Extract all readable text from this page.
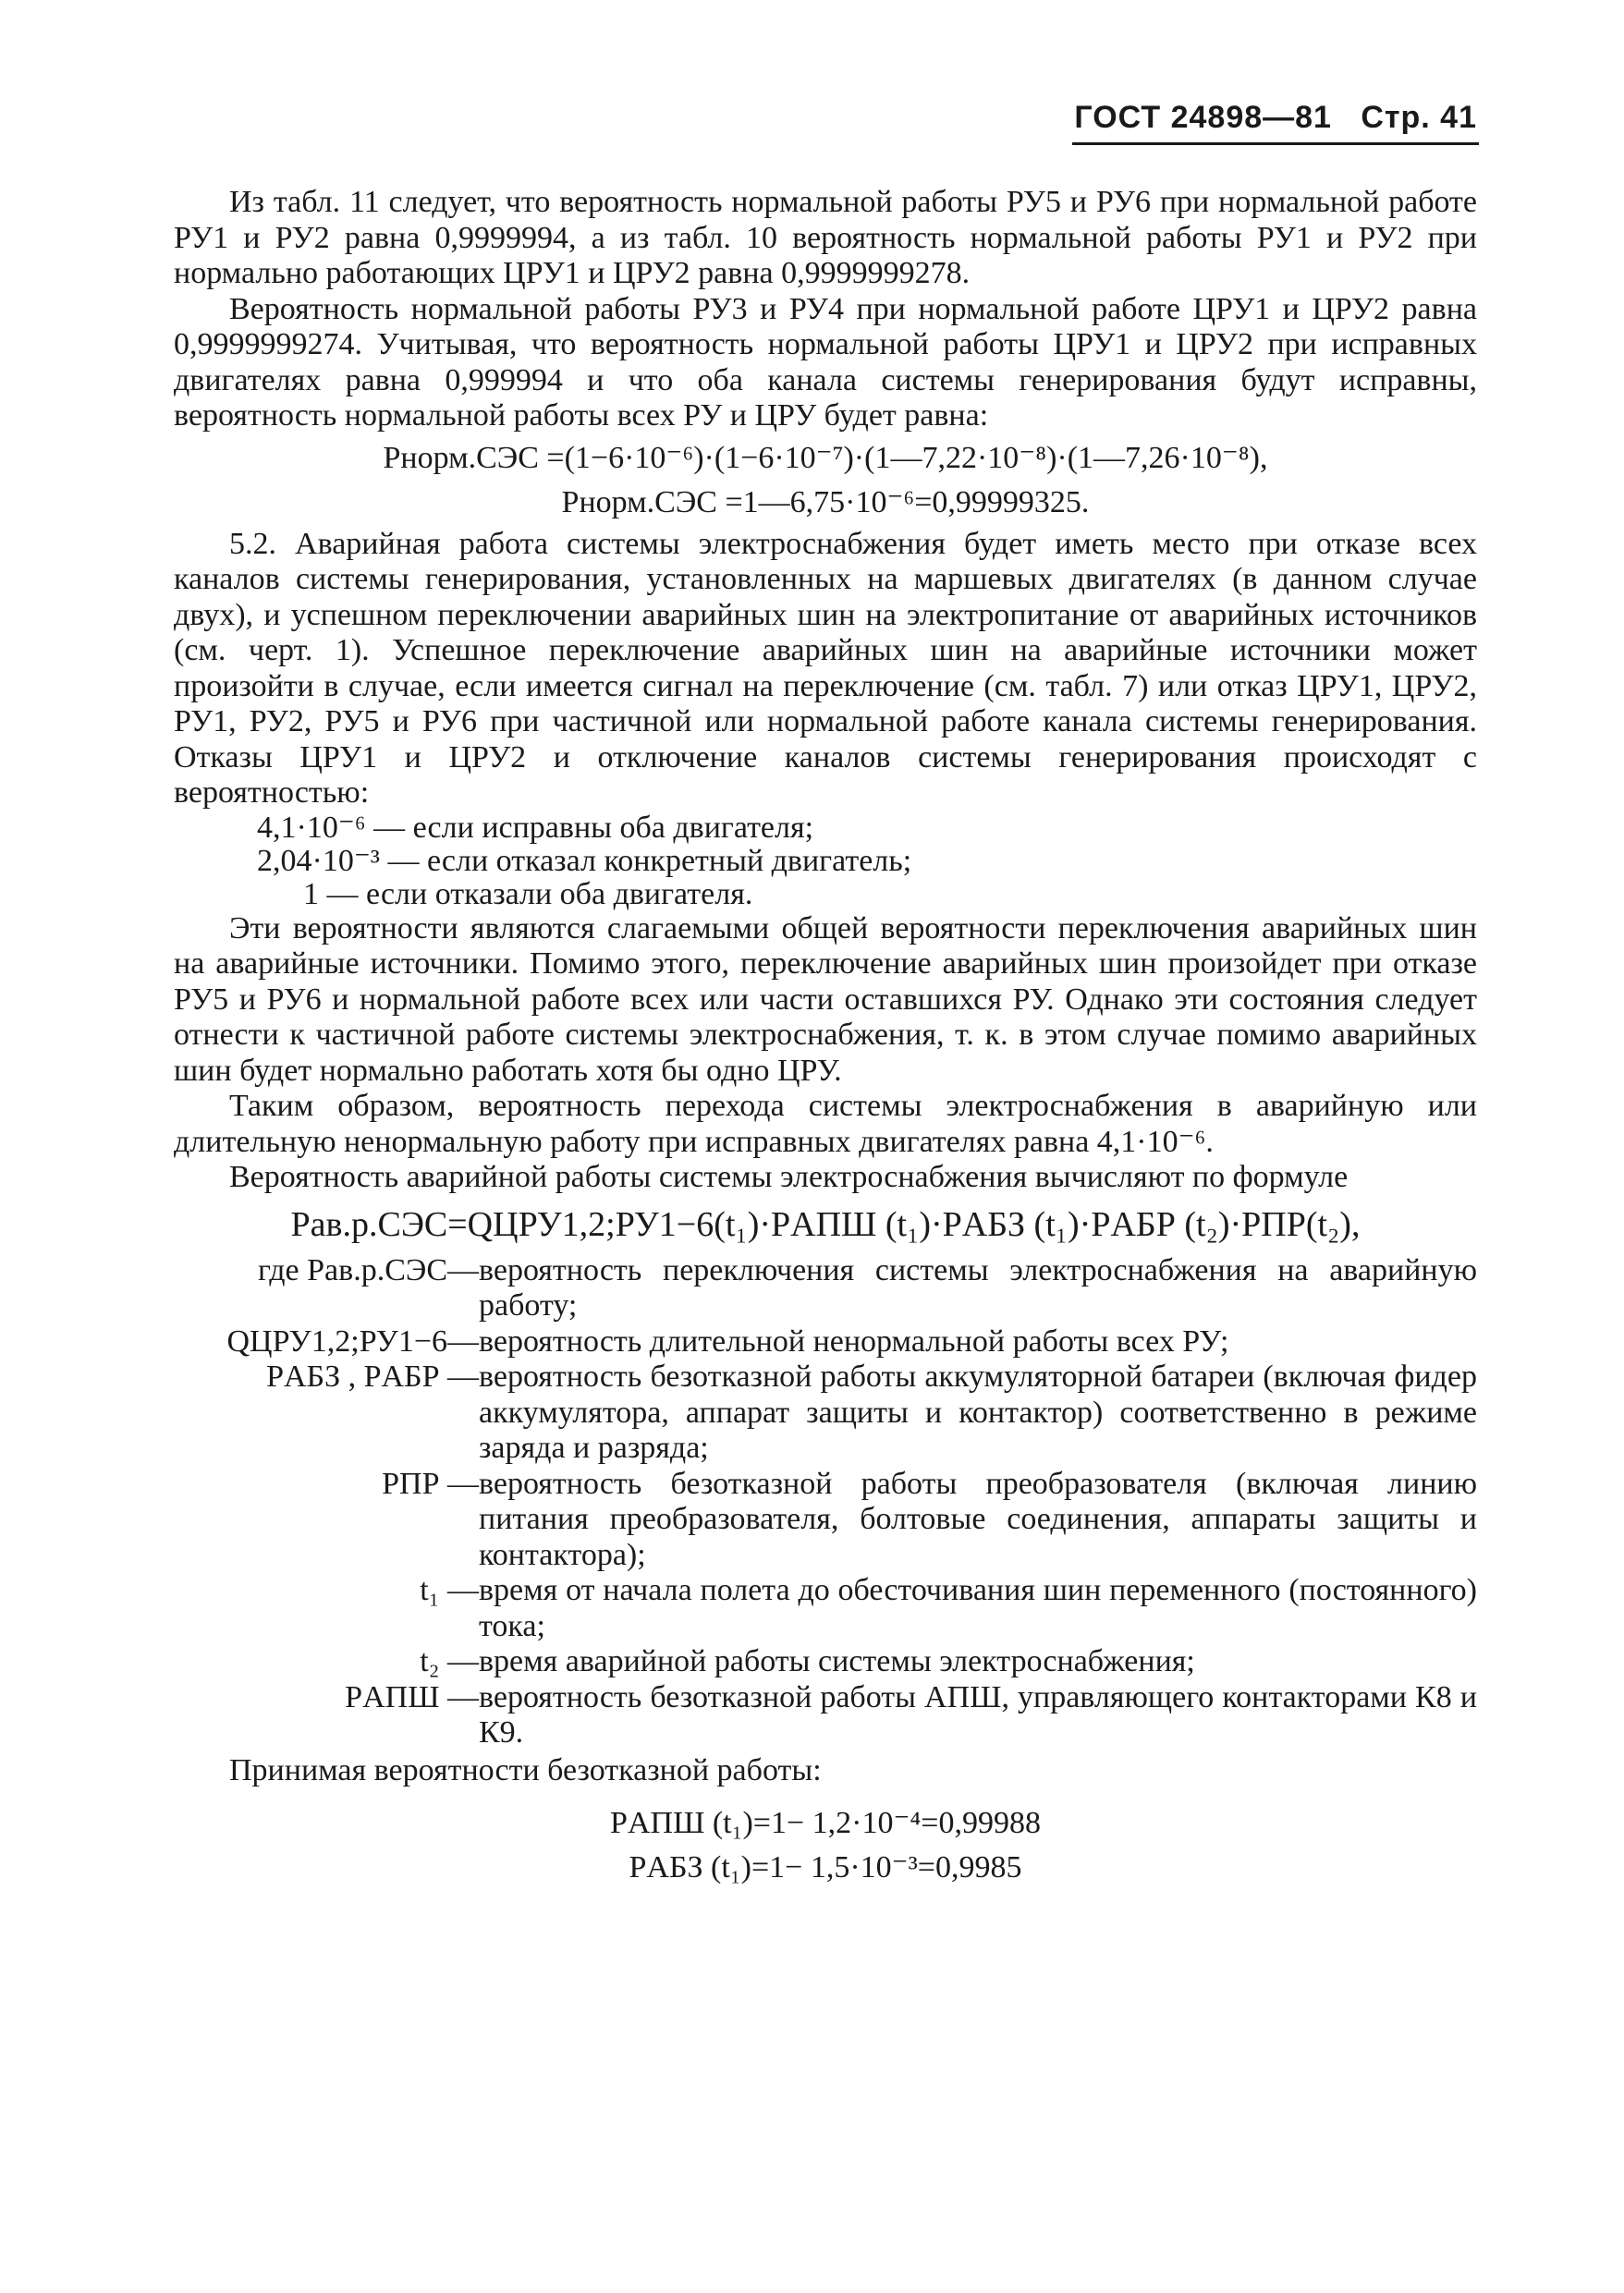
ГОСТ 24898—81 Стр. 41

Из табл. 11 следует, что вероятность нормальной работы РУ5 и РУ6 при нормальной работе РУ1 и РУ2 равна 0,9999994, а из табл. 10 вероятность нормальной работы РУ1 и РУ2 при нормально работающих ЦРУ1 и ЦРУ2 равна 0,9999999278.

Вероятность нормальной работы РУ3 и РУ4 при нормальной работе ЦРУ1 и ЦРУ2 равна 0,9999999274. Учитывая, что вероятность нормальной работы ЦРУ1 и ЦРУ2 при исправных двигателях равна 0,999994 и что оба канала системы генерирования будут исправны, вероятность нормальной работы всех РУ и ЦРУ будет равна:

Pнорм.СЭС =(1−6·10⁻⁶)·(1−6·10⁻⁷)·(1—7,22·10⁻⁸)·(1—7,26·10⁻⁸),
Pнорм.СЭС =1—6,75·10⁻⁶=0,99999325.

5.2. Аварийная работа системы электроснабжения будет иметь место при отказе всех каналов системы генерирования, установленных на маршевых двигателях (в данном случае двух), и успешном переключении аварийных шин на электропитание от аварийных источников (см. черт. 1). Успешное переключение аварийных шин на аварийные источники может произойти в случае, если имеется сигнал на переключение (см. табл. 7) или отказ ЦРУ1, ЦРУ2, РУ1, РУ2, РУ5 и РУ6 при частичной или нормальной работе канала системы генерирования. Отказы ЦРУ1 и ЦРУ2 и отключение каналов системы генерирования происходят с вероятностью:

4,1·10⁻⁶ — если исправны оба двигателя;
2,04·10⁻³ — если отказал конкретный двигатель;
1 — если отказали оба двигателя.

Эти вероятности являются слагаемыми общей вероятности переключения аварийных шин на аварийные источники. Помимо этого, переключение аварийных шин произойдет при отказе РУ5 и РУ6 и нормальной работе всех или части оставшихся РУ. Однако эти состояния следует отнести к частичной работе системы электроснабжения, т. к. в этом случае помимо аварийных шин будет нормально работать хотя бы одно ЦРУ.

Таким образом, вероятность перехода системы электроснабжения в аварийную или длительную ненормальную работу при исправных двигателях равна 4,1·10⁻⁶.

Вероятность аварийной работы системы электроснабжения вычисляют по формуле

Pав.р.СЭС=QЦРУ1,2;РУ1−6(t₁)·PАПШ (t₁)·PАБЗ (t₁)·PАБР (t₂)·PПР(t₂),
где Pав.р.СЭС— вероятность переключения системы электроснабжения на аварийную работу;
QЦРУ1,2;РУ1−6— вероятность длительной ненормальной работы всех РУ;
PАБЗ , PАБР — вероятность безотказной работы аккумуляторной батареи (включая фидер аккумулятора, аппарат защиты и контактор) соответственно в режиме заряда и разряда;
PПР — вероятность безотказной работы преобразователя (включая линию питания преобразователя, болтовые соединения, аппараты защиты и контактора);
t₁ — время от начала полета до обесточивания шин переменного (постоянного) тока;
t₂ — время аварийной работы системы электроснабжения;
PАПШ — вероятность безотказной работы АПШ, управляющего контакторами К8 и К9.

Принимая вероятности безотказной работы:

PАПШ (t₁)=1− 1,2·10⁻⁴=0,99988
PАБЗ (t₁)=1− 1,5·10⁻³=0,9985
